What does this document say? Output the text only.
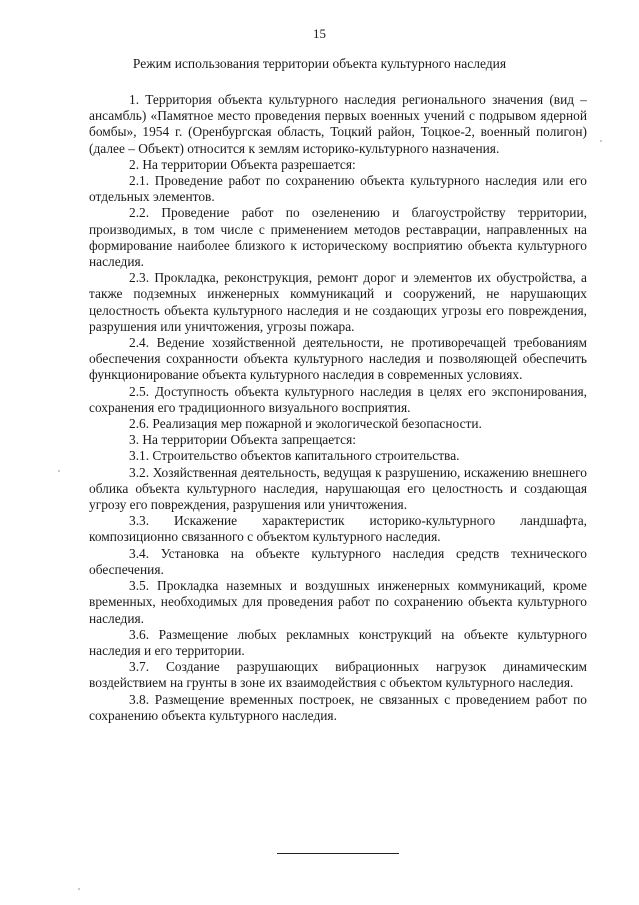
15
Режим использования территории объекта культурного наследия

1. Территория объекта культурного наследия регионального значения (вид – ансамбль) «Памятное место проведения первых военных учений с подрывом ядерной бомбы», 1954 г. (Оренбургская область, Тоцкий район, Тоцкое-2, военный полигон) (далее – Объект) относится к землям историко-культурного назначения.

2. На территории Объекта разрешается:

2.1. Проведение работ по сохранению объекта культурного наследия или его отдельных элементов.

2.2. Проведение работ по озеленению и благоустройству территории, производимых, в том числе с применением методов реставрации, направленных на формирование наиболее близкого к историческому восприятию объекта культурного наследия.

2.3. Прокладка, реконструкция, ремонт дорог и элементов их обустройства, а также подземных инженерных коммуникаций и сооружений, не нарушающих целостность объекта культурного наследия и не создающих угрозы его повреждения, разрушения или уничтожения, угрозы пожара.

2.4. Ведение хозяйственной деятельности, не противоречащей требованиям обеспечения сохранности объекта культурного наследия и позволяющей обеспечить функционирование объекта культурного наследия в современных условиях.

2.5. Доступность объекта культурного наследия в целях его экспонирования, сохранения его традиционного визуального восприятия.

2.6. Реализация мер пожарной и экологической безопасности.

3. На территории Объекта запрещается:

3.1. Строительство объектов капитального строительства.

3.2. Хозяйственная деятельность, ведущая к разрушению, искажению внешнего облика объекта культурного наследия, нарушающая его целостность и создающая угрозу его повреждения, разрушения или уничтожения.

3.3. Искажение характеристик историко-культурного ландшафта, композиционно связанного с объектом культурного наследия.

3.4. Установка на объекте культурного наследия средств технического обеспечения.

3.5. Прокладка наземных и воздушных инженерных коммуникаций, кроме временных, необходимых для проведения работ по сохранению объекта культурного наследия.

3.6. Размещение любых рекламных конструкций на объекте культурного наследия и его территории.

3.7. Создание разрушающих вибрационных нагрузок динамическим воздействием на грунты в зоне их взаимодействия с объектом культурного наследия.

3.8. Размещение временных построек, не связанных с проведением работ по сохранению объекта культурного наследия.
